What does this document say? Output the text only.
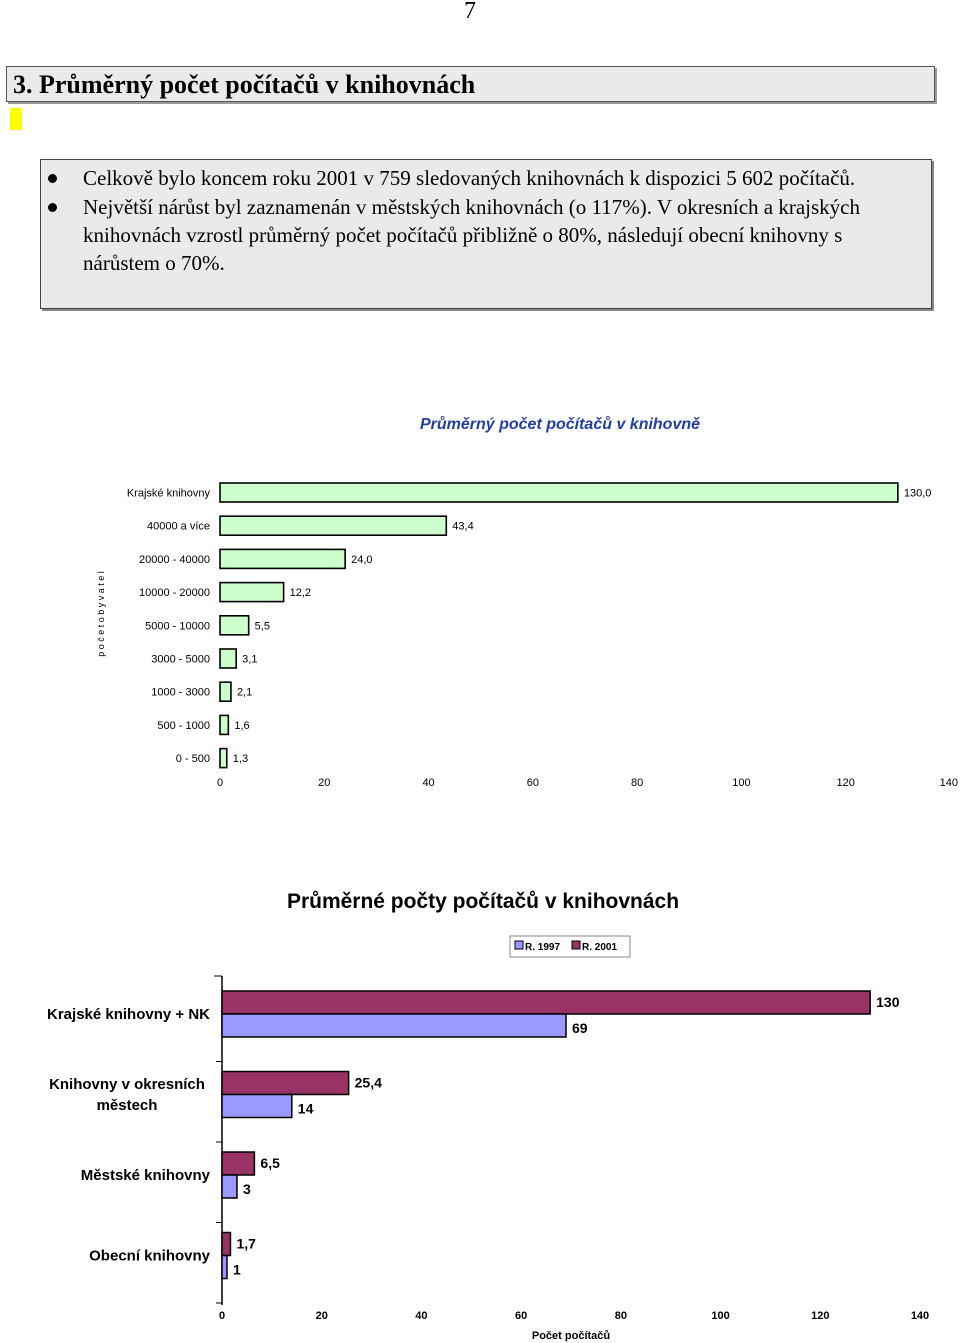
7
3. Průměrný počet počítačů v knihovnách
Celkově bylo koncem roku 2001 v 759 sledovaných knihovnách k dispozici 5 602 počítačů.
Největší nárůst byl zaznamenán v městských knihovnách (o 117%). V okresních a krajských knihovnách vzrostl průměrný počet počítačů přibližně o 80%, následují obecní knihovny s nárůstem o 70%.
Průměrný počet počítačů v knihovně
p o č e t o b y v a t e l
Krajské knihovny	130,0
40000 a více	43,4
20000 - 40000	24,0
10000 - 20000	12,2
5000 - 10000	5,5
3000 - 5000	3,1
1000 - 3000 2,1
500 - 1000 1,6
0 - 500 1,3
0	20	40	60	80	100	120	140
Průměrné počty počítačů v knihovnách
R. 1997 R. 2001
130
69
Krajské knihovny + NK
25,4
14
Knihovny v okresních
městech
6,5
3
Městské knihovny
1,7
1
Obecní knihovny
0	20	40	60	80	100	120	140
Počet počítačů
